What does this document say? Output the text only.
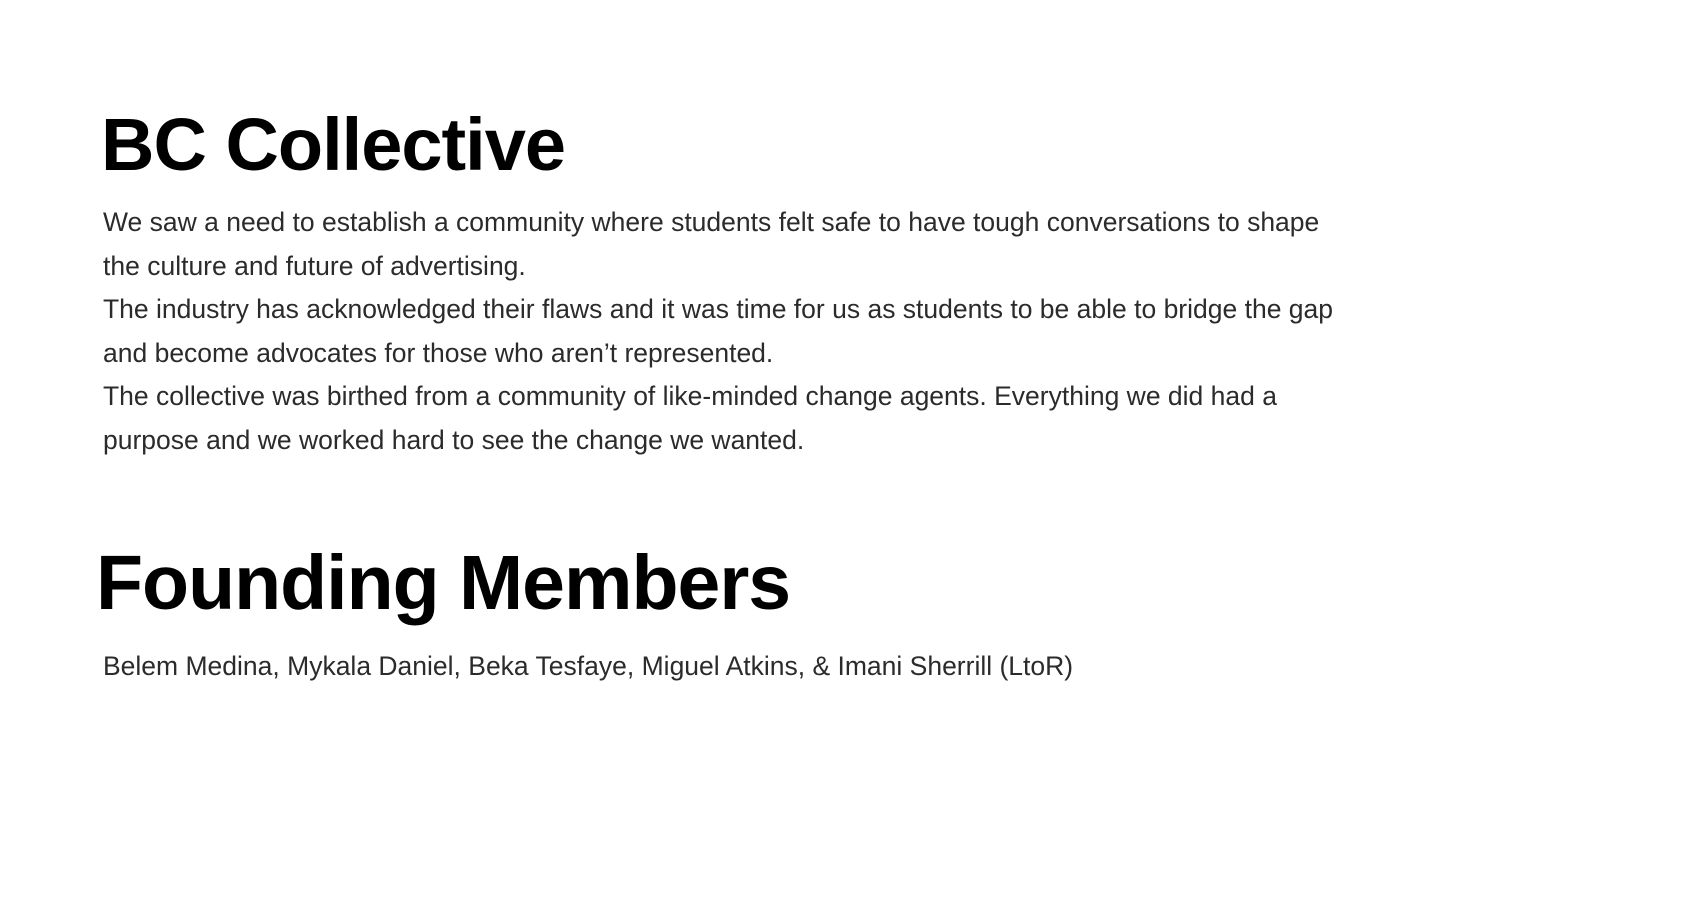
BC Collective

We saw a need to establish a community where students felt safe to have tough conversations to shape the culture and future of advertising.

The industry has acknowledged their flaws and it was time for us as students to be able to bridge the gap and become advocates for those who aren’t represented.

The collective was birthed from a community of like-minded change agents. Everything we did had a purpose and we worked hard to see the change we wanted.

Founding Members

Belem Medina, Mykala Daniel, Beka Tesfaye, Miguel Atkins, & Imani Sherrill (LtoR)
